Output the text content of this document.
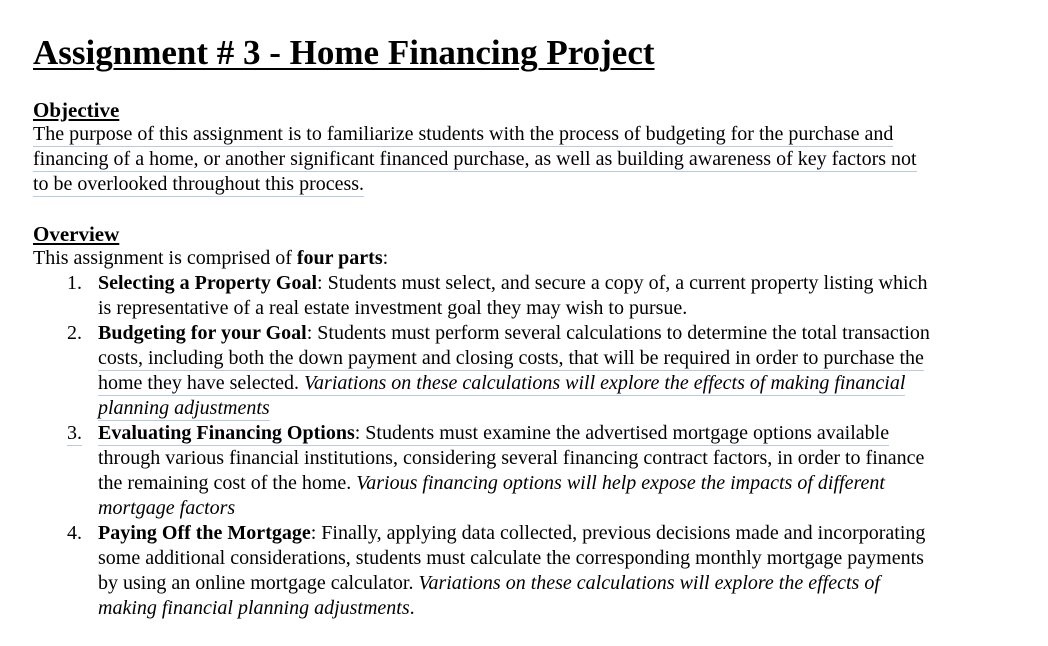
Assignment # 3 - Home Financing Project
Objective
The purpose of this assignment is to familiarize students with the process of budgeting for the purchase and
financing of a home, or another significant financed purchase, as well as building awareness of key factors not
to be overlooked throughout this process.
Overview
This assignment is comprised of four parts:
1. Selecting a Property Goal: Students must select, and secure a copy of, a current property listing which
is representative of a real estate investment goal they may wish to pursue.
2. Budgeting for your Goal: Students must perform several calculations to determine the total transaction
costs, including both the down payment and closing costs, that will be required in order to purchase the
home they have selected. Variations on these calculations will explore the effects of making financial
planning adjustments
3. Evaluating Financing Options: Students must examine the advertised mortgage options available
through various financial institutions, considering several financing contract factors, in order to finance
the remaining cost of the home. Various financing options will help expose the impacts of different
mortgage factors
4. Paying Off the Mortgage: Finally, applying data collected, previous decisions made and incorporating
some additional considerations, students must calculate the corresponding monthly mortgage payments
by using an online mortgage calculator. Variations on these calculations will explore the effects of
making financial planning adjustments.
